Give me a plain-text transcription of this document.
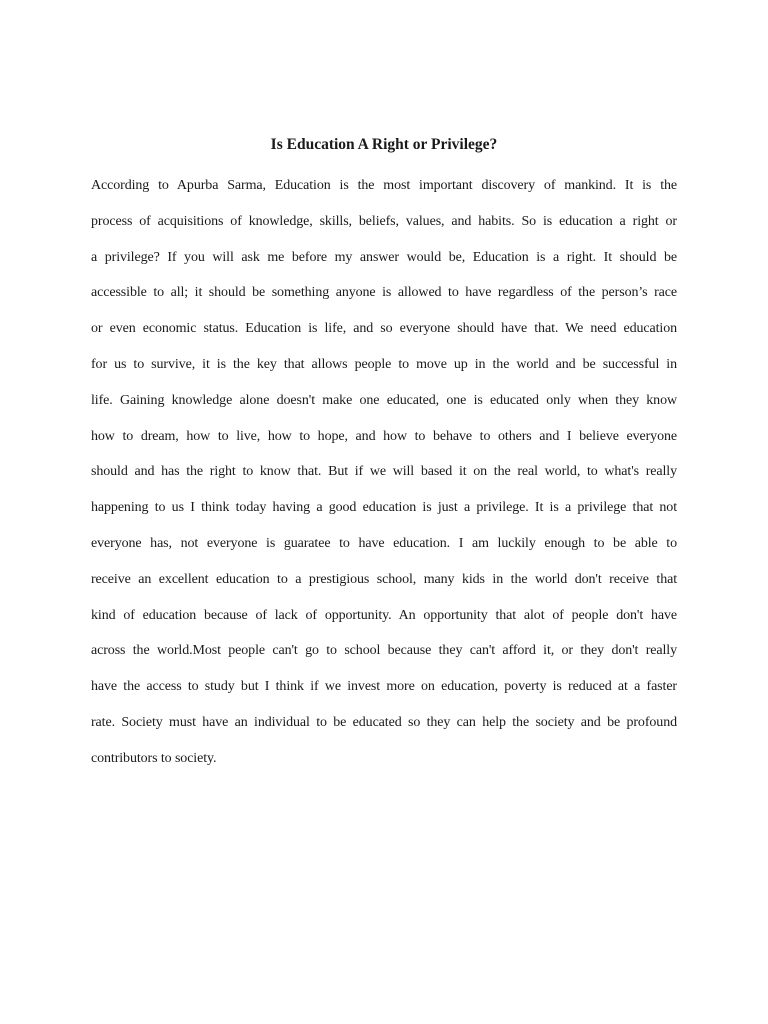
Is Education A Right or Privilege?
According to Apurba Sarma, Education is the most important discovery of mankind. It is the
process of acquisitions of knowledge, skills, beliefs, values, and habits. So is education a right or
a privilege? If you will ask me before my answer would be, Education is a right. It should be
accessible to all; it should be something anyone is allowed to have regardless of the person’s race
or even economic status. Education is life, and so everyone should have that. We need education
for us to survive, it is the key that allows people to move up in the world and be successful in
life. Gaining knowledge alone doesn't make one educated, one is educated only when they know
how to dream, how to live, how to hope, and how to behave to others and I believe everyone
should and has the right to know that. But if we will based it on the real world, to what's really
happening to us I think today having a good education is just a privilege. It is a privilege that not
everyone has, not everyone is guaratee to have education. I am luckily enough to be able to
receive an excellent education to a prestigious school, many kids in the world don't receive that
kind of education because of lack of opportunity. An opportunity that alot of people don't have
across the world.Most people can't go to school because they can't afford it, or they don't really
have the access to study but I think if we invest more on education, poverty is reduced at a faster
rate. Society must have an individual to be educated so they can help the society and be profound
contributors to society.
